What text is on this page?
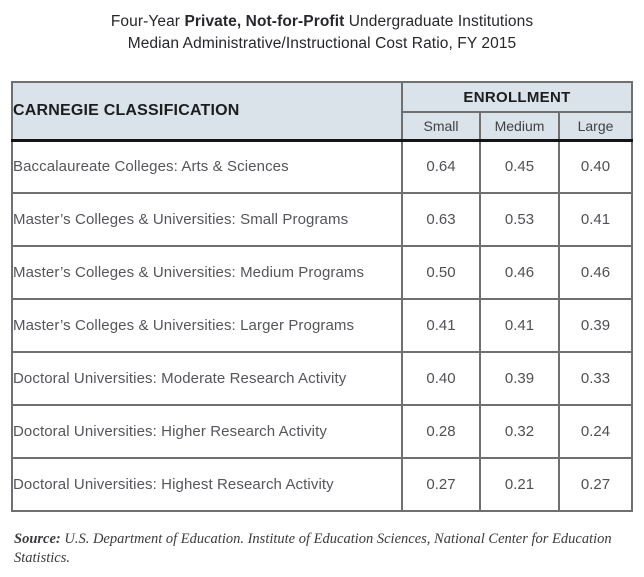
Four-Year Private, Not-for-Profit Undergraduate Institutions
Median Administrative/Instructional Cost Ratio, FY 2015
CARNEGIE CLASSIFICATION	ENROLLMENT		
	Small	Medium	Large
Baccalaureate Colleges: Arts & Sciences	0.64	0.45	0.40
Master’s Colleges & Universities: Small Programs	0.63	0.53	0.41
Master’s Colleges & Universities: Medium Programs	0.50	0.46	0.46
Master’s Colleges & Universities: Larger Programs	0.41	0.41	0.39
Doctoral Universities: Moderate Research Activity	0.40	0.39	0.33
Doctoral Universities: Higher Research Activity	0.28	0.32	0.24
Doctoral Universities: Highest Research Activity	0.27	0.21	0.27

Source: U.S. Department of Education. Institute of Education Sciences, National Center for Education Statistics.
